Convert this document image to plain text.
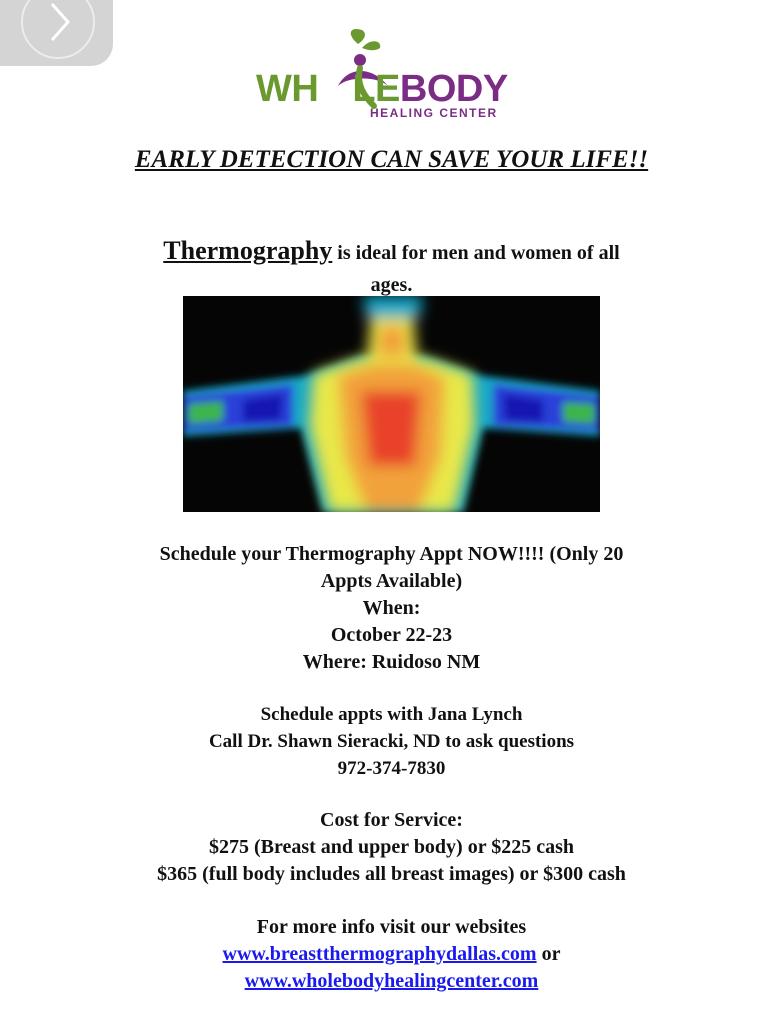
WH LEBODY
HEALING CENTER
EARLY DETECTION CAN SAVE YOUR LIFE!!
Thermography is ideal for men and women of all
ages.
Schedule your Thermography Appt NOW!!!! (Only 20
Appts Available)
When:
October 22-23
Where: Ruidoso NM
Schedule appts with Jana Lynch
Call Dr. Shawn Sieracki, ND to ask questions
972-374-7830
Cost for Service:
$275 (Breast and upper body) or $225 cash
$365 (full body includes all breast images) or $300 cash
For more info visit our websites
www.breastthermographydallas.com or
www.wholebodyhealingcenter.com
